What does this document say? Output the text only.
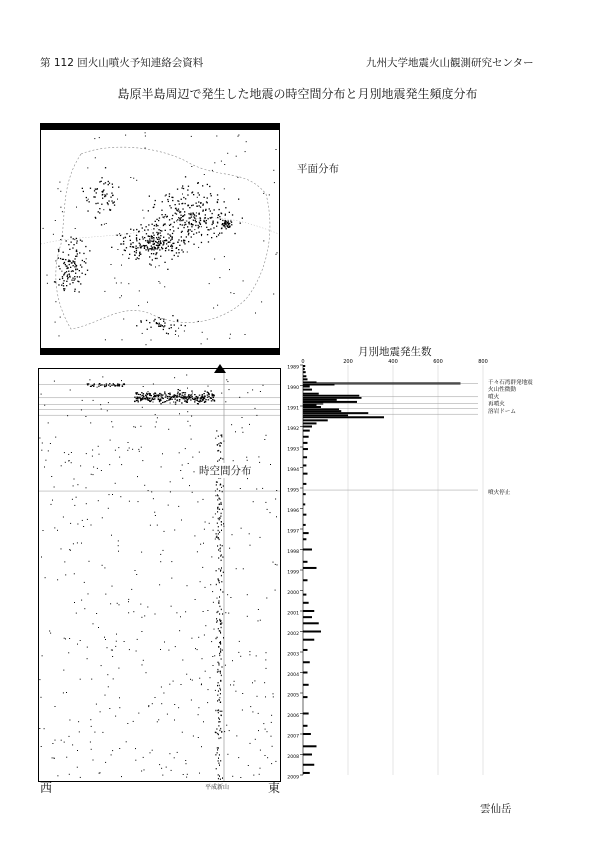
第 112 回火山噴火予知連絡会資料	九州大学地震火山観測研究センター
島原半島周辺で発生した地震の時空間分布と月別地震発生頻度分布
平面分布
時空間分布
西	東
平成新山
月別地震発生数
0	200	400	600	800
1989
1990
1991
1992
1993
1994
1995
1996
1997
1998
1999
2000
2001
2002
2003
2004
2005
2006
2007
2008
2009
千々石湾群発地震
火山性微動
噴火
再噴火
溶岩ドーム
噴火停止
雲仙岳
